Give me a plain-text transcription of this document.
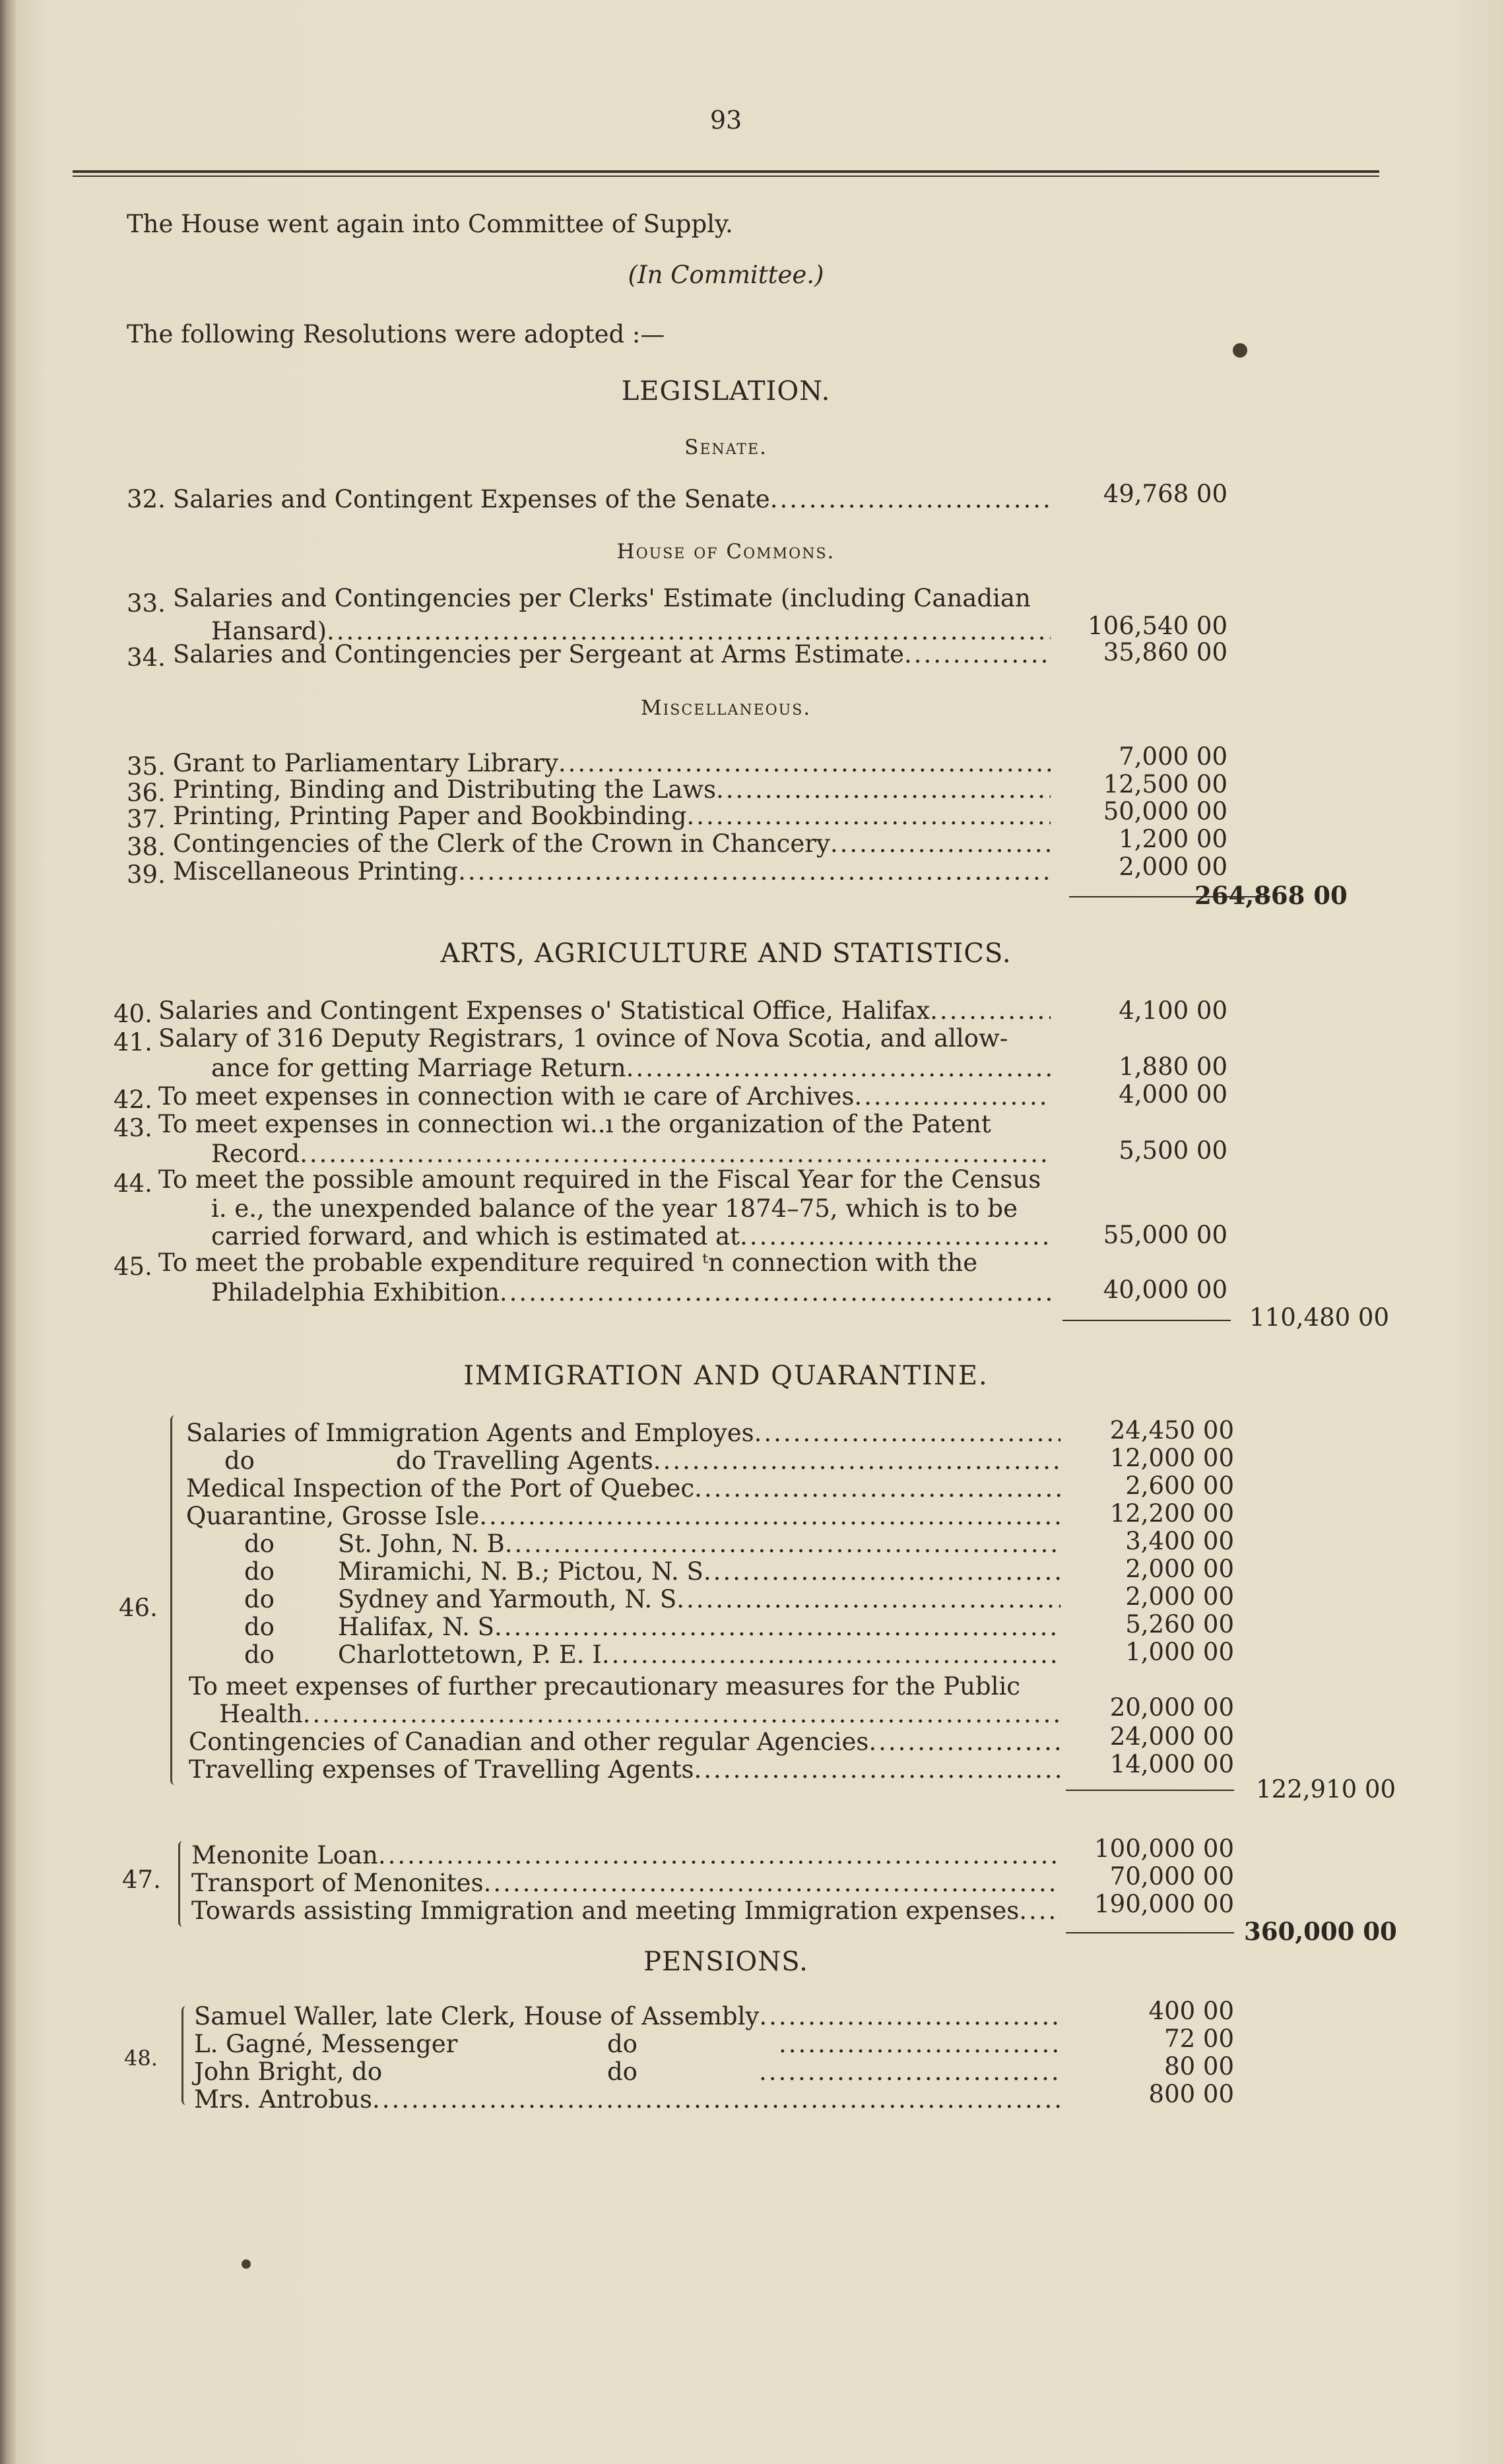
93
The House went again into Committee of Supply.
(In Committee.)
The following Resolutions were adopted :—
LEGISLATION.
Senate.
32. Salaries and Contingent Expenses of the Senate .....	49,768 00
House of Commons.
33. Salaries and Contingencies per Clerks' Estimate (including Canadian
Hansard) .....	106,540 00
34. Salaries and Contingencies per Sergeant at Arms Estimate .....	35,860 00
Miscellaneous.
35. Grant to Parliamentary Library .....	7,000 00
36. Printing, Binding and Distributing the Laws .....	12,500 00
37. Printing, Printing Paper and Bookbinding .....	50,000 00
38. Contingencies of the Clerk of the Crown in Chancery .....	1,200 00
39. Miscellaneous Printing .....	2,000 00
264,868 00
ARTS, AGRICULTURE AND STATISTICS.
40. Salaries and Contingent Expenses o' Statistical Office, Halifax .....	4,100 00
41. Salary of 316 Deputy Registrars, 1 ovince of Nova Scotia, and allow-
ance for getting Marriage Return .....	1,880 00
42. To meet expenses in connection with ıe care of Archives .....	4,000 00
43. To meet expenses in connection wi..ı the organization of the Patent
Record .....	5,500 00
44. To meet the possible amount required in the Fiscal Year for the Census
i. e., the unexpended balance of the year 1874–75, which is to be
carried forward, and which is estimated at .....	55,000 00
45. To meet the probable expenditure required ᵗn connection with the
Philadelphia Exhibition .....	40,000 00
110,480 00
IMMIGRATION AND QUARANTINE.
46.
Salaries of Immigration Agents and Employes .....	24,450 00
do	do Travelling Agents .....	12,000 00
Medical Inspection of the Port of Quebec .....	2,600 00
Quarantine, Grosse Isle .....	12,200 00
do	St. John, N. B .....	3,400 00
do	Miramichi, N. B.; Pictou, N. S .....	2,000 00
do	Sydney and Yarmouth, N. S .....	2,000 00
do	Halifax, N. S .....	5,260 00
do	Charlottetown, P. E. I .....	1,000 00
To meet expenses of further precautionary measures for the Public
Health .....	20,000 00
Contingencies of Canadian and other regular Agencies .....	24,000 00
Travelling expenses of Travelling Agents .....	14,000 00
122,910 00
47.
Menonite Loan .....	100,000 00
Transport of Menonites .....	70,000 00
Towards assisting Immigration and meeting Immigration expenses .....	190,000 00
360,000 00
PENSIONS.
48.
Samuel Waller, late Clerk, House of Assembly .....	400 00
L. Gagné, Messenger	do .....	72 00
John Bright, do	do .....	80 00
Mrs. Antrobus .....	800 00
